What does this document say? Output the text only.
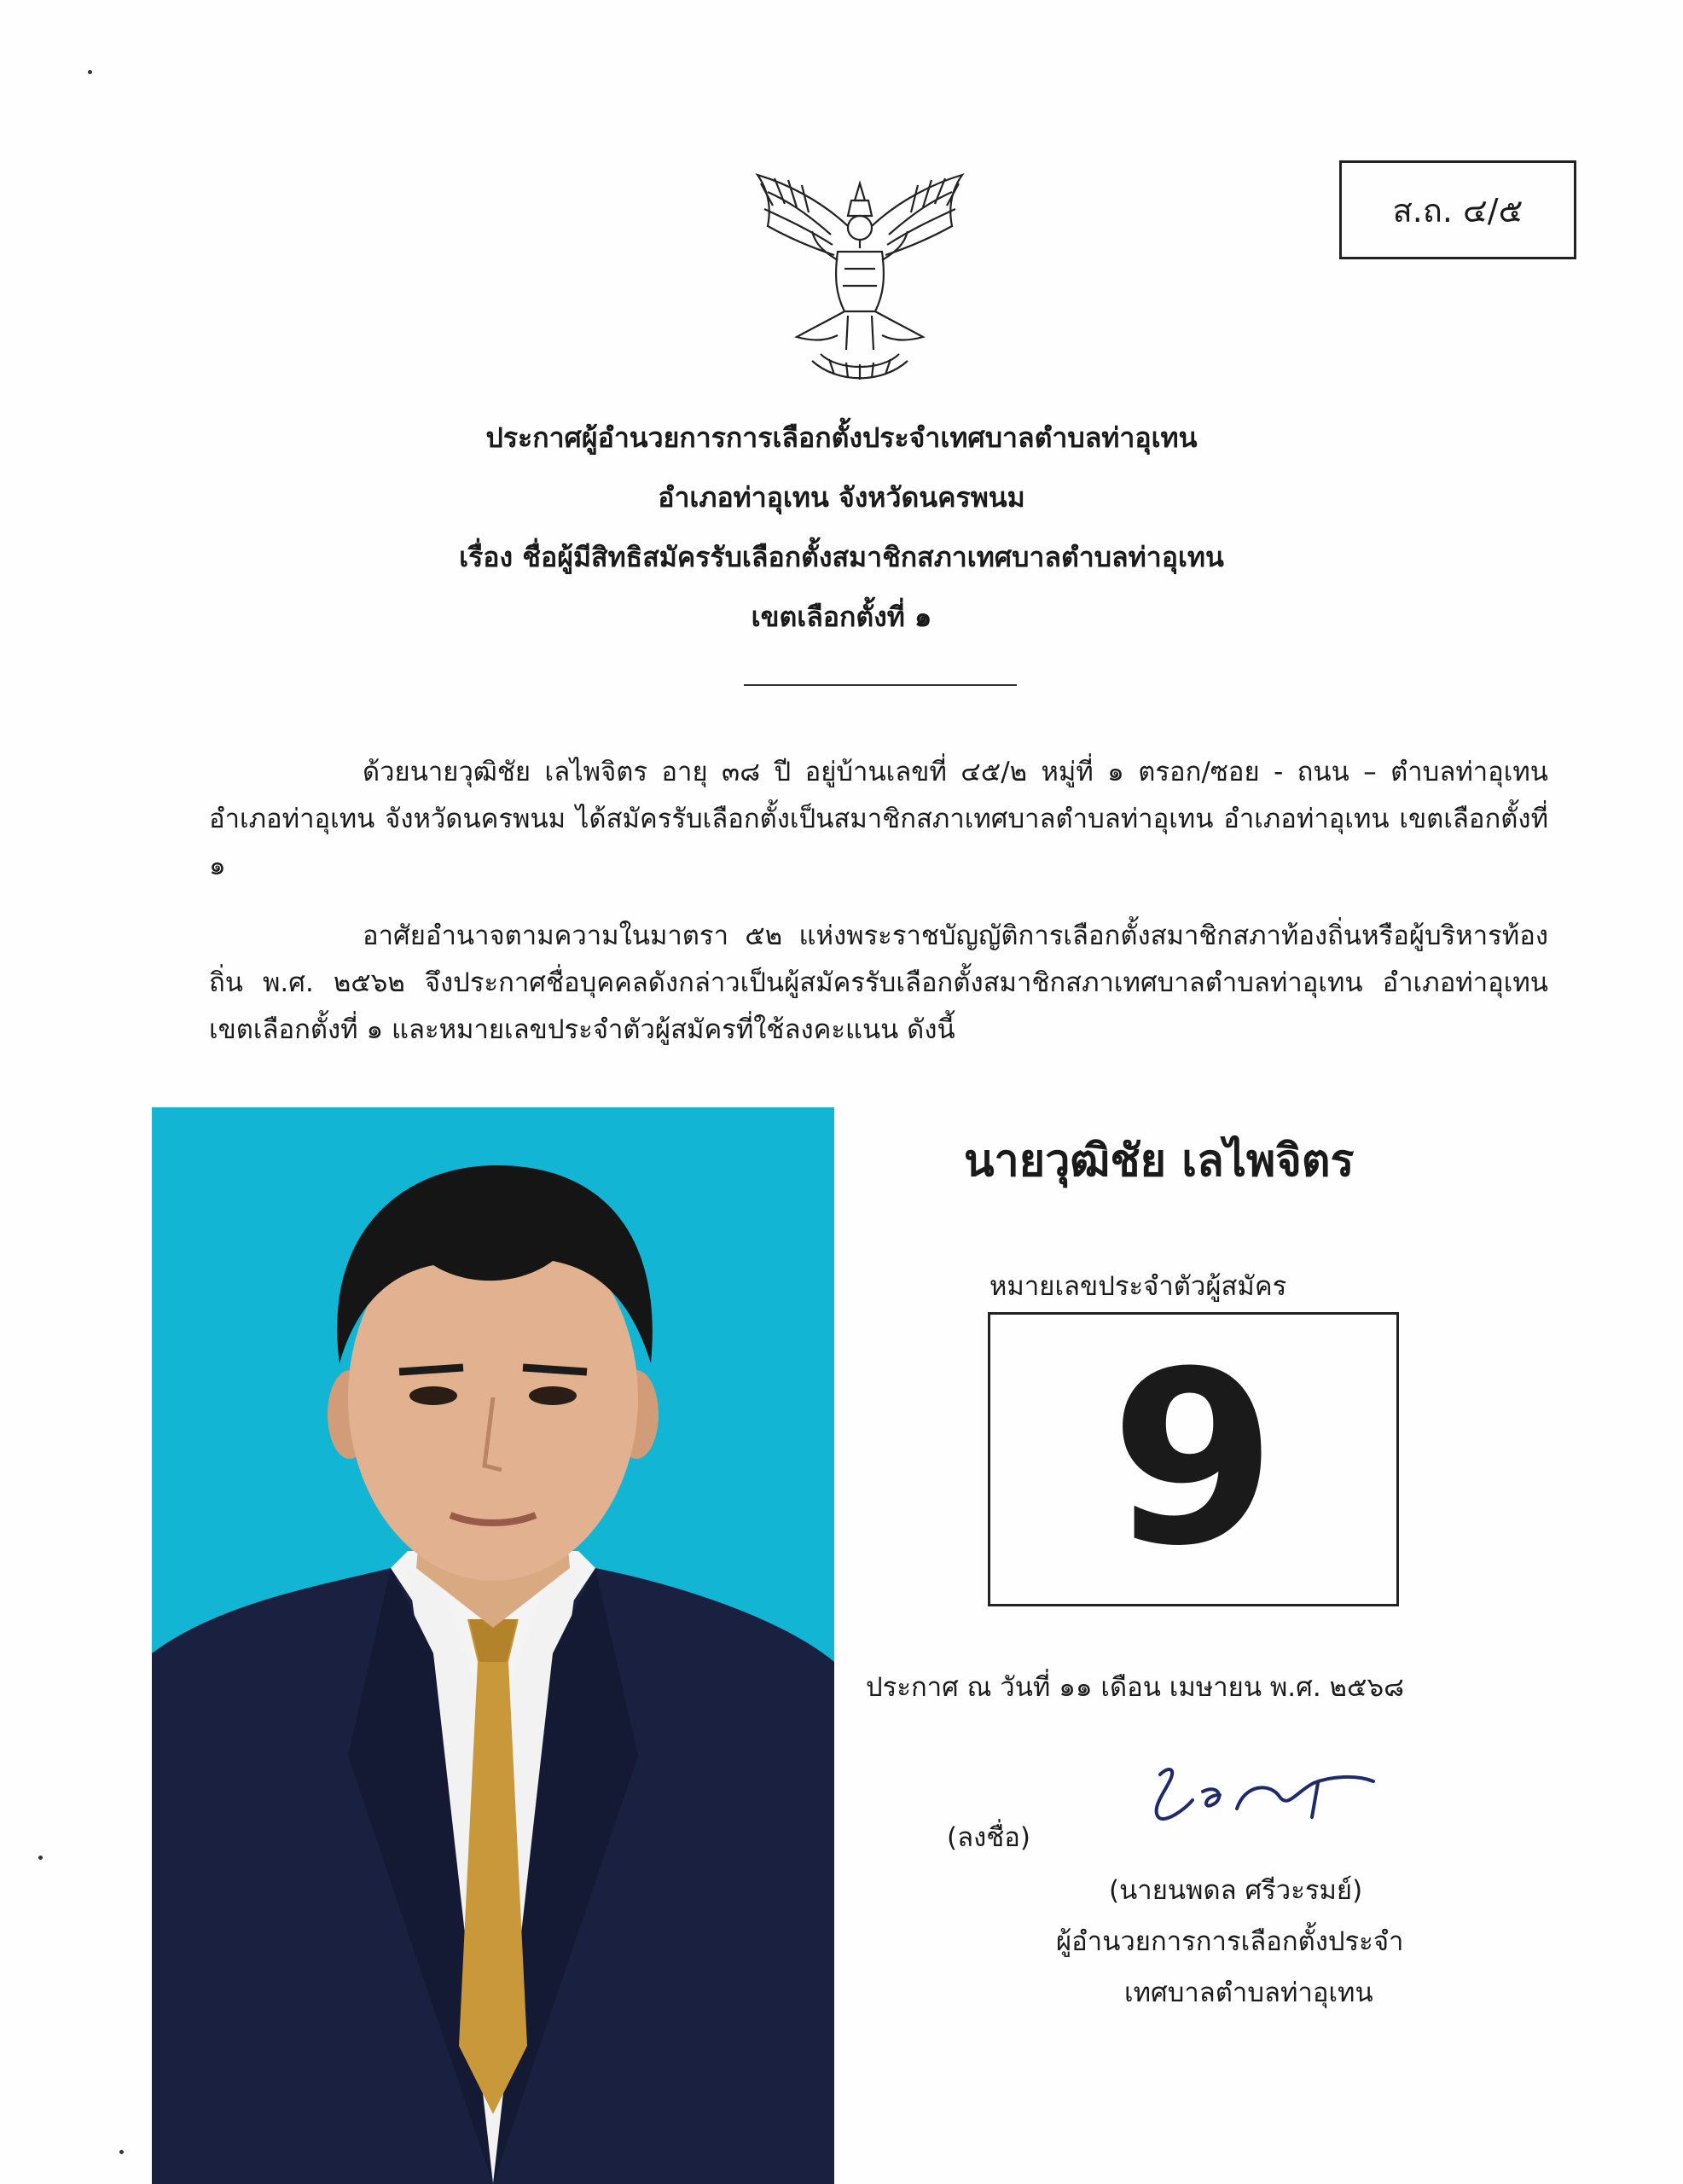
ส.ถ. ๔/๕
ประกาศผู้อำนวยการการเลือกตั้งประจำเทศบาลตำบลท่าอุเทน
อำเภอท่าอุเทน จังหวัดนครพนม
เรื่อง ชื่อผู้มีสิทธิสมัครรับเลือกตั้งสมาชิกสภาเทศบาลตำบลท่าอุเทน
เขตเลือกตั้งที่ ๑
ด้วยนายวุฒิชัย เลไพจิตร อายุ ๓๘ ปี อยู่บ้านเลขที่ ๔๕/๒ หมู่ที่ ๑ ตรอก/ซอย - ถนน – ตำบลท่าอุเทน อำเภอท่าอุเทน จังหวัดนครพนม ได้สมัครรับเลือกตั้งเป็นสมาชิกสภาเทศบาลตำบลท่าอุเทน อำเภอท่าอุเทน เขตเลือกตั้งที่ ๑
อาศัยอำนาจตามความในมาตรา ๕๒ แห่งพระราชบัญญัติการเลือกตั้งสมาชิกสภาท้องถิ่นหรือผู้บริหารท้องถิ่น พ.ศ. ๒๕๖๒ จึงประกาศชื่อบุคคลดังกล่าวเป็นผู้สมัครรับเลือกตั้งสมาชิกสภาเทศบาลตำบลท่าอุเทน อำเภอท่าอุเทน เขตเลือกตั้งที่ ๑ และหมายเลขประจำตัวผู้สมัครที่ใช้ลงคะแนน ดังนี้
นายวุฒิชัย เลไพจิตร
หมายเลขประจำตัวผู้สมัคร
9
ประกาศ ณ วันที่ ๑๑ เดือน เมษายน พ.ศ. ๒๕๖๘
(ลงชื่อ)
(นายนพดล ศรีวะรมย์)
ผู้อำนวยการการเลือกตั้งประจำ
เทศบาลตำบลท่าอุเทน
